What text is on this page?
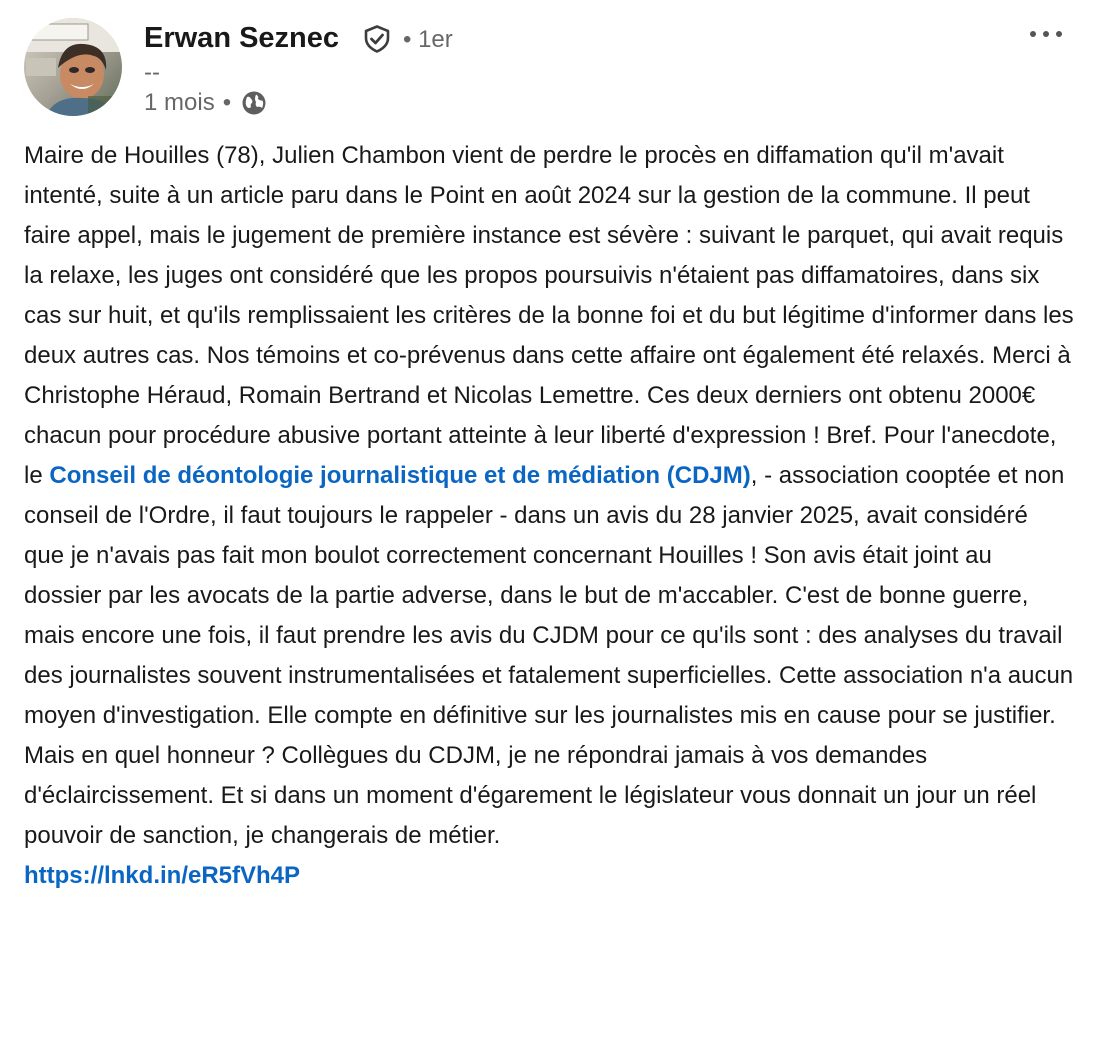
Erwan Seznec	• 1er
--
1 mois •
Maire de Houilles (78), Julien Chambon vient de perdre le procès en diffamation qu'il m'avait intenté, suite à un article paru dans le Point en août 2024 sur la gestion de la commune. Il peut faire appel, mais le jugement de première instance est sévère : suivant le parquet, qui avait requis la relaxe, les juges ont considéré que les propos poursuivis n'étaient pas diffamatoires, dans six cas sur huit, et qu'ils remplissaient les critères de la bonne foi et du but légitime d'informer dans les deux autres cas. Nos témoins et co-prévenus dans cette affaire ont également été relaxés. Merci à Christophe Héraud, Romain Bertrand et Nicolas Lemettre. Ces deux derniers ont obtenu 2000€ chacun pour procédure abusive portant atteinte à leur liberté d'expression ! Bref. Pour l'anecdote, le Conseil de déontologie journalistique et de médiation (CDJM), - association cooptée et non conseil de l'Ordre, il faut toujours le rappeler - dans un avis du 28 janvier 2025, avait considéré que je n'avais pas fait mon boulot correctement concernant Houilles ! Son avis était joint au dossier par les avocats de la partie adverse, dans le but de m'accabler. C'est de bonne guerre, mais encore une fois, il faut prendre les avis du CJDM pour ce qu'ils sont : des analyses du travail des journalistes souvent instrumentalisées et fatalement superficielles. Cette association n'a aucun moyen d'investigation. Elle compte en définitive sur les journalistes mis en cause pour se justifier. Mais en quel honneur ? Collègues du CDJM, je ne répondrai jamais à vos demandes d'éclaircissement. Et si dans un moment d'égarement le législateur vous donnait un jour un réel pouvoir de sanction, je changerais de métier.
https://lnkd.in/eR5fVh4P
